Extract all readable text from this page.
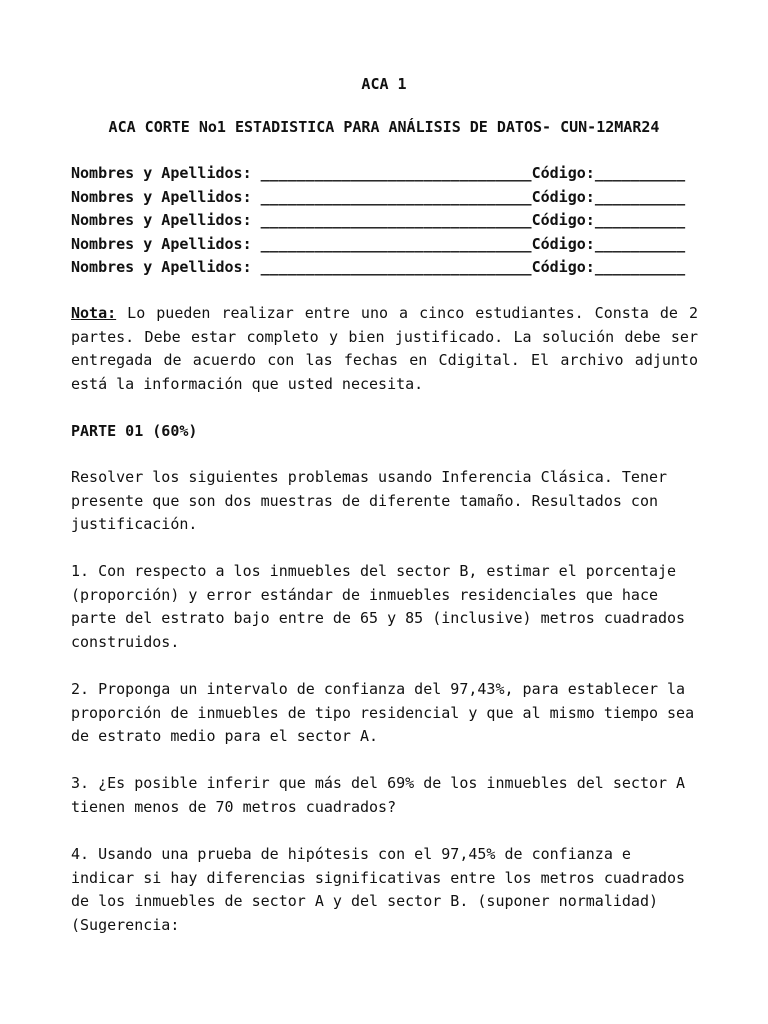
ACA 1
ACA CORTE No1 ESTADISTICA PARA ANÁLISIS DE DATOS- CUN-12MAR24
Nombres y Apellidos: ______________________________Código:__________
Nombres y Apellidos: ______________________________Código:__________
Nombres y Apellidos: ______________________________Código:__________
Nombres y Apellidos: ______________________________Código:__________
Nombres y Apellidos: ______________________________Código:__________

Nota: Lo pueden realizar entre uno a cinco estudiantes. Consta de 2 partes. Debe estar completo y bien justificado. La solución debe ser entregada de acuerdo con las fechas en Cdigital. El archivo adjunto está la información que usted necesita.

PARTE 01 (60%)

Resolver los siguientes problemas usando Inferencia Clásica. Tener presente que son dos muestras de diferente tamaño. Resultados con justificación.

1. Con respecto a los inmuebles del sector B, estimar el porcentaje (proporción) y error estándar de inmuebles residenciales que hace parte del estrato bajo entre de 65 y 85 (inclusive) metros cuadrados construidos.

2. Proponga un intervalo de confianza del 97,43%, para establecer la proporción de inmuebles de tipo residencial y que al mismo tiempo sea de estrato medio para el sector A.

3. ¿Es posible inferir que más del 69% de los inmuebles del sector A tienen menos de 70 metros cuadrados?

4. Usando una prueba de hipótesis con el 97,45% de confianza e indicar si hay diferencias significativas entre los metros cuadrados de los inmuebles de sector A y del sector B. (suponer normalidad) (Sugerencia:
